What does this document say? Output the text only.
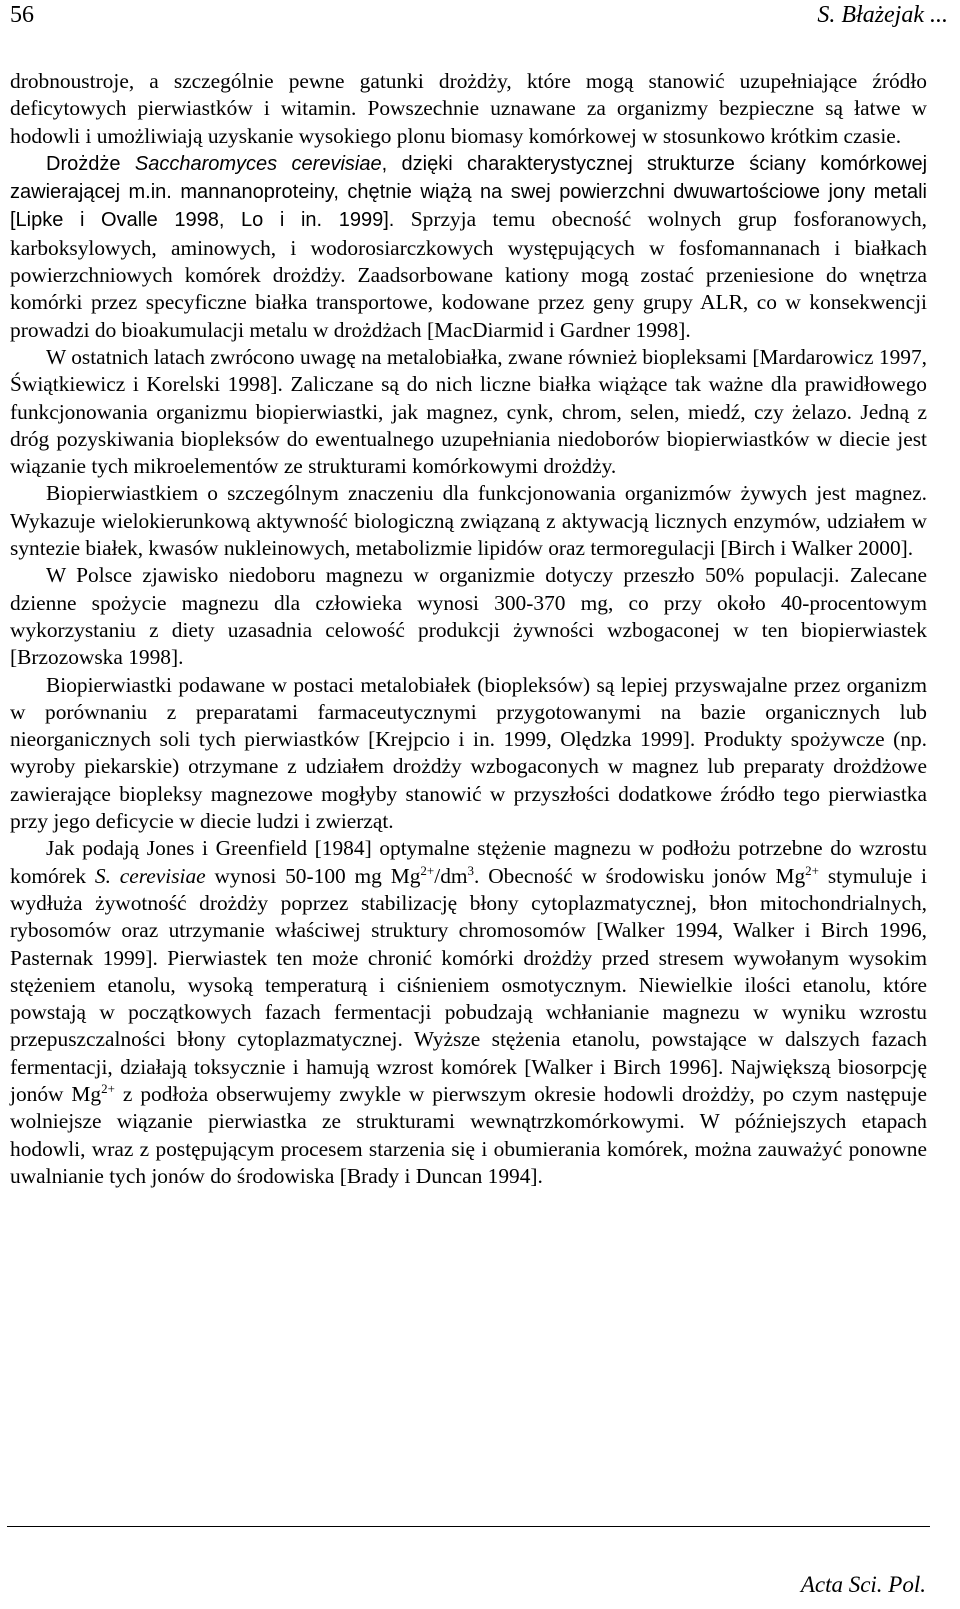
56	S. Błażejak ...

drobnoustroje, a szczególnie pewne gatunki drożdży, które mogą stanowić uzupełniające źródło deficytowych pierwiastków i witamin. Powszechnie uznawane za organizmy bezpieczne są łatwe w hodowli i umożliwiają uzyskanie wysokiego plonu biomasy komórkowej w stosunkowo krótkim czasie.

Drożdże Saccharomyces cerevisiae, dzięki charakterystycznej strukturze ściany komórkowej zawierającej m.in. mannanoproteiny, chętnie wiążą na swej powierzchni dwuwartościowe jony metali [Lipke i Ovalle 1998, Lo i in. 1999]. Sprzyja temu obecność wolnych grup fosforanowych, karboksylowych, aminowych, i wodorosiarczkowych występujących w fosfomannanach i białkach powierzchniowych komórek drożdży. Zaadsorbowane kationy mogą zostać przeniesione do wnętrza komórki przez specyficzne białka transportowe, kodowane przez geny grupy ALR, co w konsekwencji prowadzi do bioakumulacji metalu w drożdżach [MacDiarmid i Gardner 1998].

W ostatnich latach zwrócono uwagę na metalobiałka, zwane również biopleksami [Mardarowicz 1997, Świątkiewicz i Korelski 1998]. Zaliczane są do nich liczne białka wiążące tak ważne dla prawidłowego funkcjonowania organizmu biopierwiastki, jak magnez, cynk, chrom, selen, miedź, czy żelazo. Jedną z dróg pozyskiwania biopleksów do ewentualnego uzupełniania niedoborów biopierwiastków w diecie jest wiązanie tych mikroelementów ze strukturami komórkowymi drożdży.

Biopierwiastkiem o szczególnym znaczeniu dla funkcjonowania organizmów żywych jest magnez. Wykazuje wielokierunkową aktywność biologiczną związaną z aktywacją licznych enzymów, udziałem w syntezie białek, kwasów nukleinowych, metabolizmie lipidów oraz termoregulacji [Birch i Walker 2000].

W Polsce zjawisko niedoboru magnezu w organizmie dotyczy przeszło 50% populacji. Zalecane dzienne spożycie magnezu dla człowieka wynosi 300-370 mg, co przy około 40-procentowym wykorzystaniu z diety uzasadnia celowość produkcji żywności wzbogaconej w ten biopierwiastek [Brzozowska 1998].

Biopierwiastki podawane w postaci metalobiałek (biopleksów) są lepiej przyswajalne przez organizm w porównaniu z preparatami farmaceutycznymi przygotowanymi na bazie organicznych lub nieorganicznych soli tych pierwiastków [Krejpcio i in. 1999, Olędzka 1999]. Produkty spożywcze (np. wyroby piekarskie) otrzymane z udziałem drożdży wzbogaconych w magnez lub preparaty drożdżowe zawierające biopleksy magnezowe mogłyby stanowić w przyszłości dodatkowe źródło tego pierwiastka przy jego deficycie w diecie ludzi i zwierząt.

Jak podają Jones i Greenfield [1984] optymalne stężenie magnezu w podłożu potrzebne do wzrostu komórek S. cerevisiae wynosi 50-100 mg $Mg^{2+}/dm^3$. Obecność w środowisku jonów $Mg^{2+}$ stymuluje i wydłuża żywotność drożdży poprzez stabilizację błony cytoplazmatycznej, błon mitochondrialnych, rybosomów oraz utrzymanie właściwej struktury chromosomów [Walker 1994, Walker i Birch 1996, Pasternak 1999]. Pierwiastek ten może chronić komórki drożdży przed stresem wywołanym wysokim stężeniem etanolu, wysoką temperaturą i ciśnieniem osmotycznym. Niewielkie ilości etanolu, które powstają w początkowych fazach fermentacji pobudzają wchłanianie magnezu w wyniku wzrostu przepuszczalności błony cytoplazmatycznej. Wyższe stężenia etanolu, powstające w dalszych fazach fermentacji, działają toksycznie i hamują wzrost komórek [Walker i Birch 1996]. Największą biosorpcję jonów $Mg^{2+}$ z podłoża obserwujemy zwykle w pierwszym okresie hodowli drożdży, po czym następuje wolniejsze wiązanie pierwiastka ze strukturami wewnątrzkomórkowymi. W późniejszych etapach hodowli, wraz z postępującym procesem starzenia się i obumierania komórek, można zauważyć ponowne uwalnianie tych jonów do środowiska [Brady i Duncan 1994].

Acta Sci. Pol.
